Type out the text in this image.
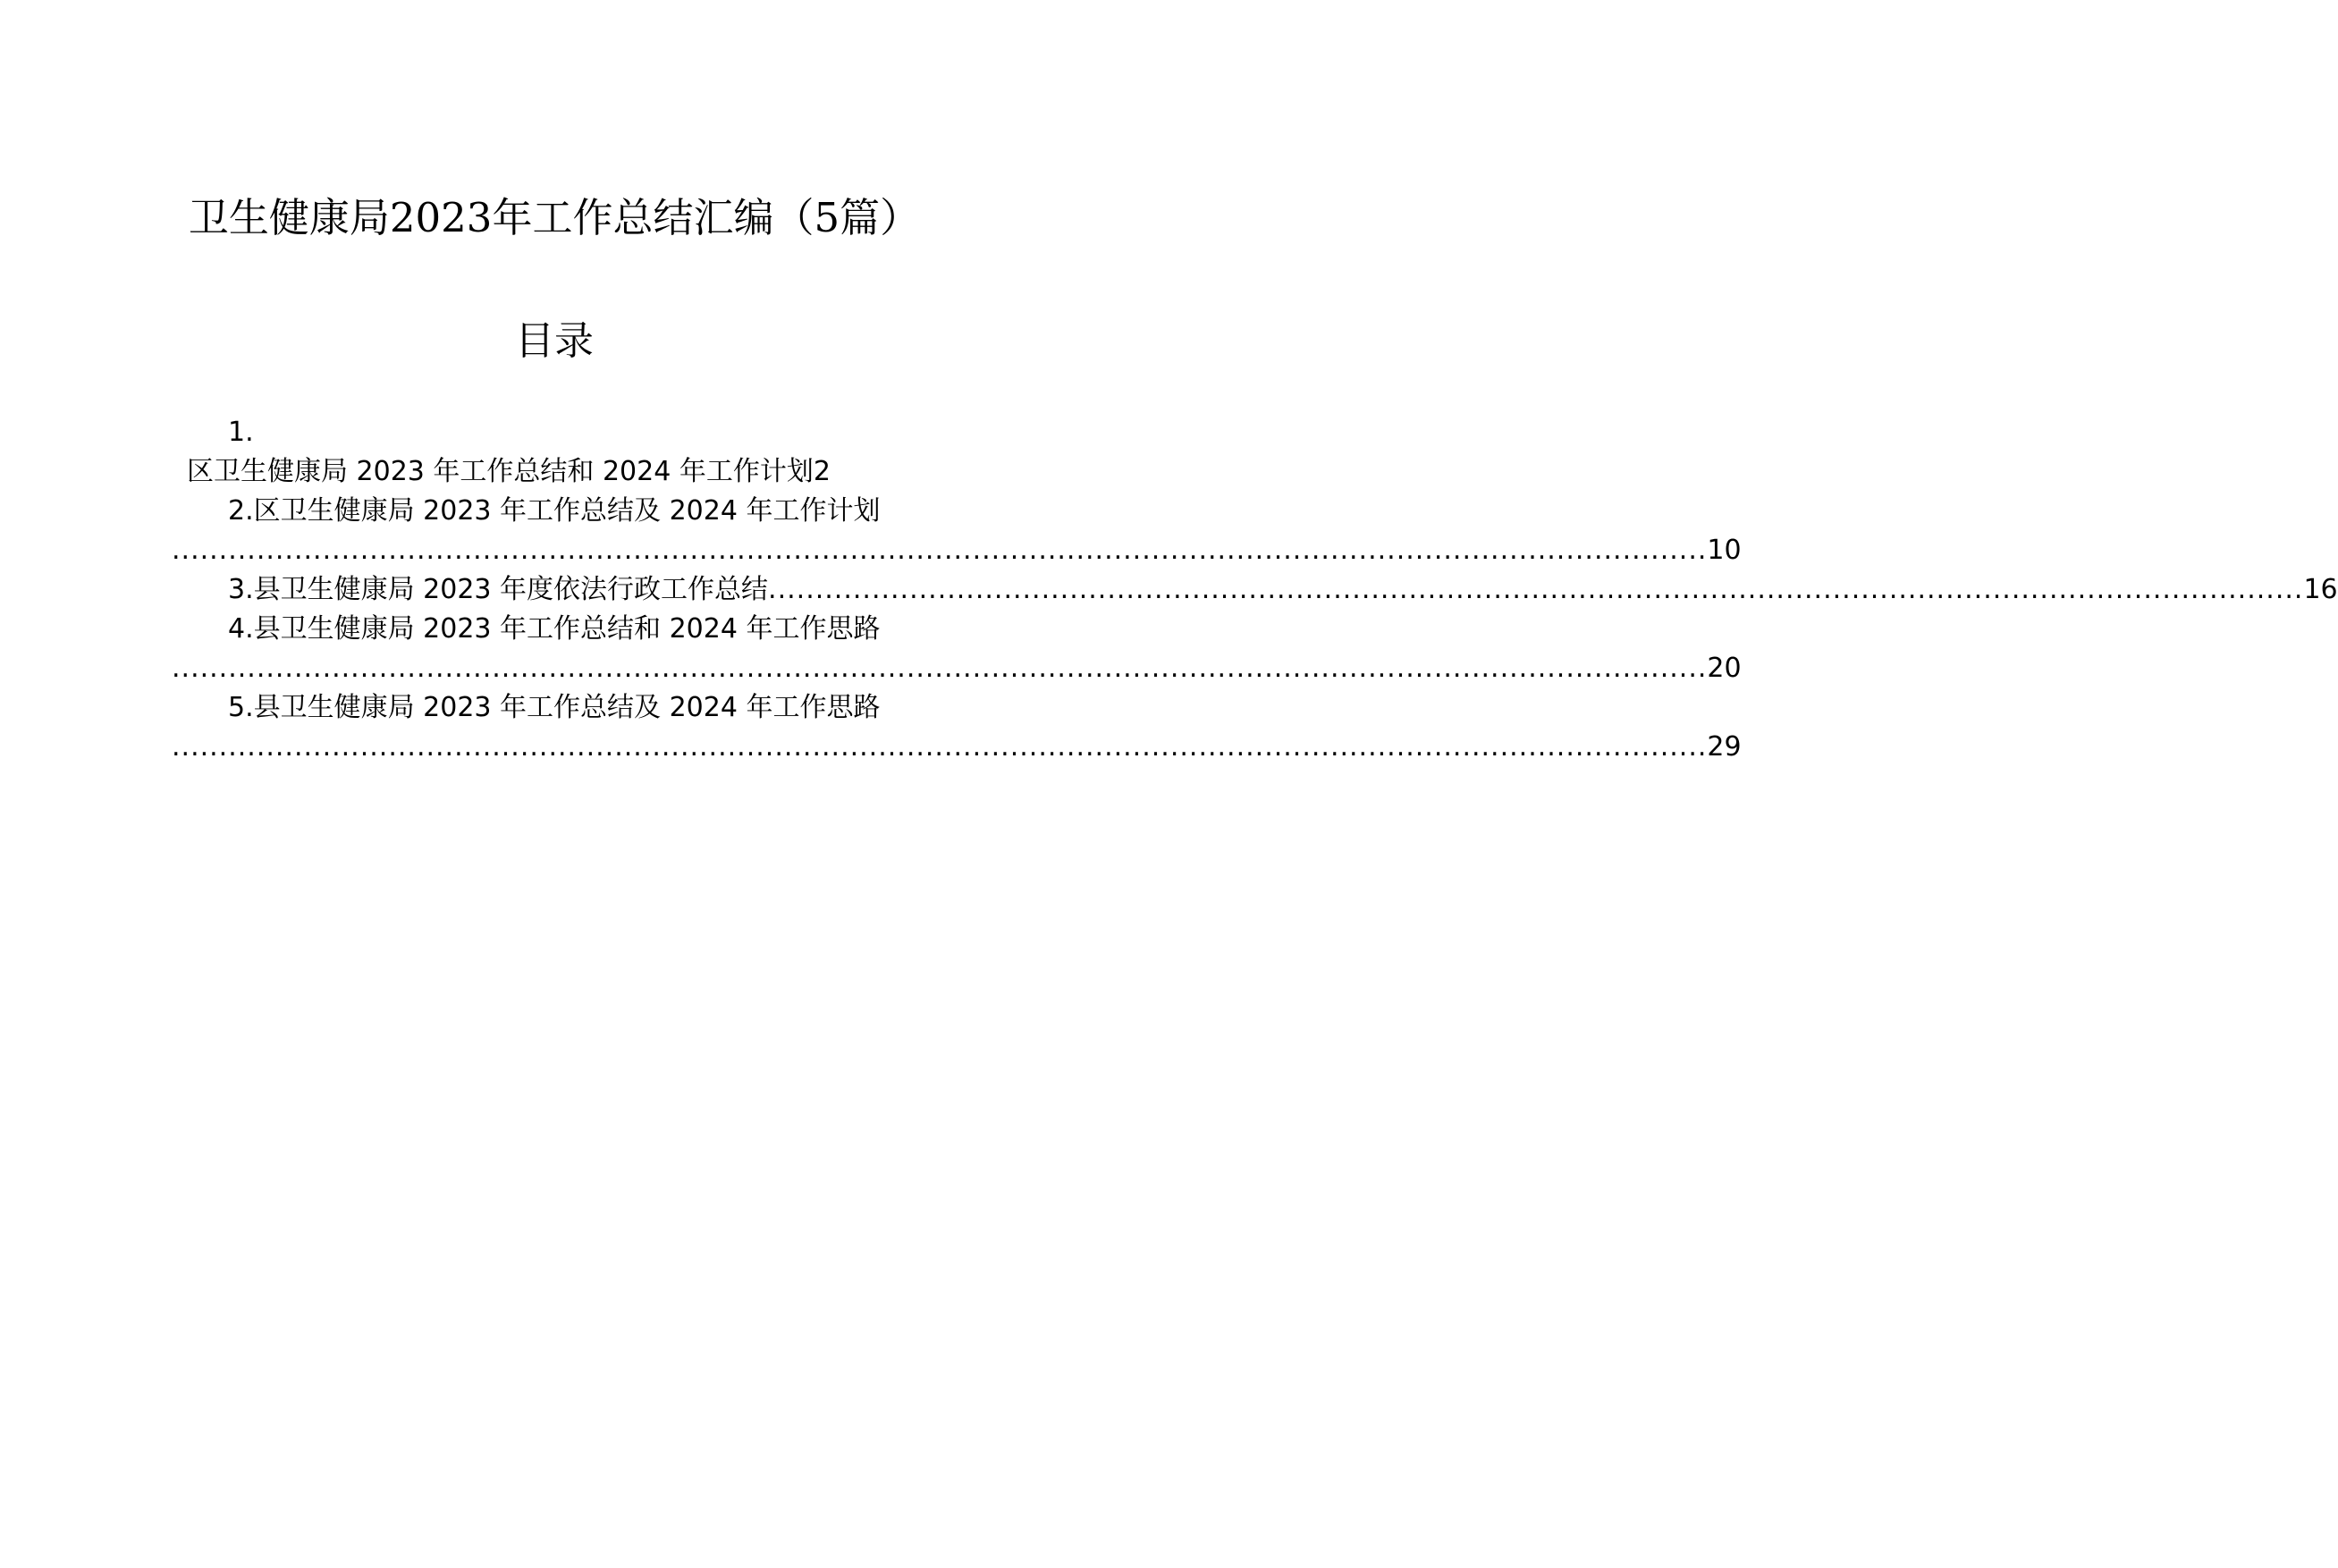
卫生健康局2023年工作总结汇编（5篇）
目录
1.
区卫生健康局 2023 年工作总结和 2024 年工作计划2
2.区卫生健康局 2023 年工作总结及 2024 年工作计划
................................................................................................................................................................... 10
3. 县卫生健康局 2023 年度依法行政工作总结 ................................................................................................................................................................... 16
4.县卫生健康局 2023 年工作总结和 2024 年工作思路
................................................................................................................................................................... 20
5.县卫生健康局 2023 年工作总结及 2024 年工作思路
................................................................................................................................................................... 29
